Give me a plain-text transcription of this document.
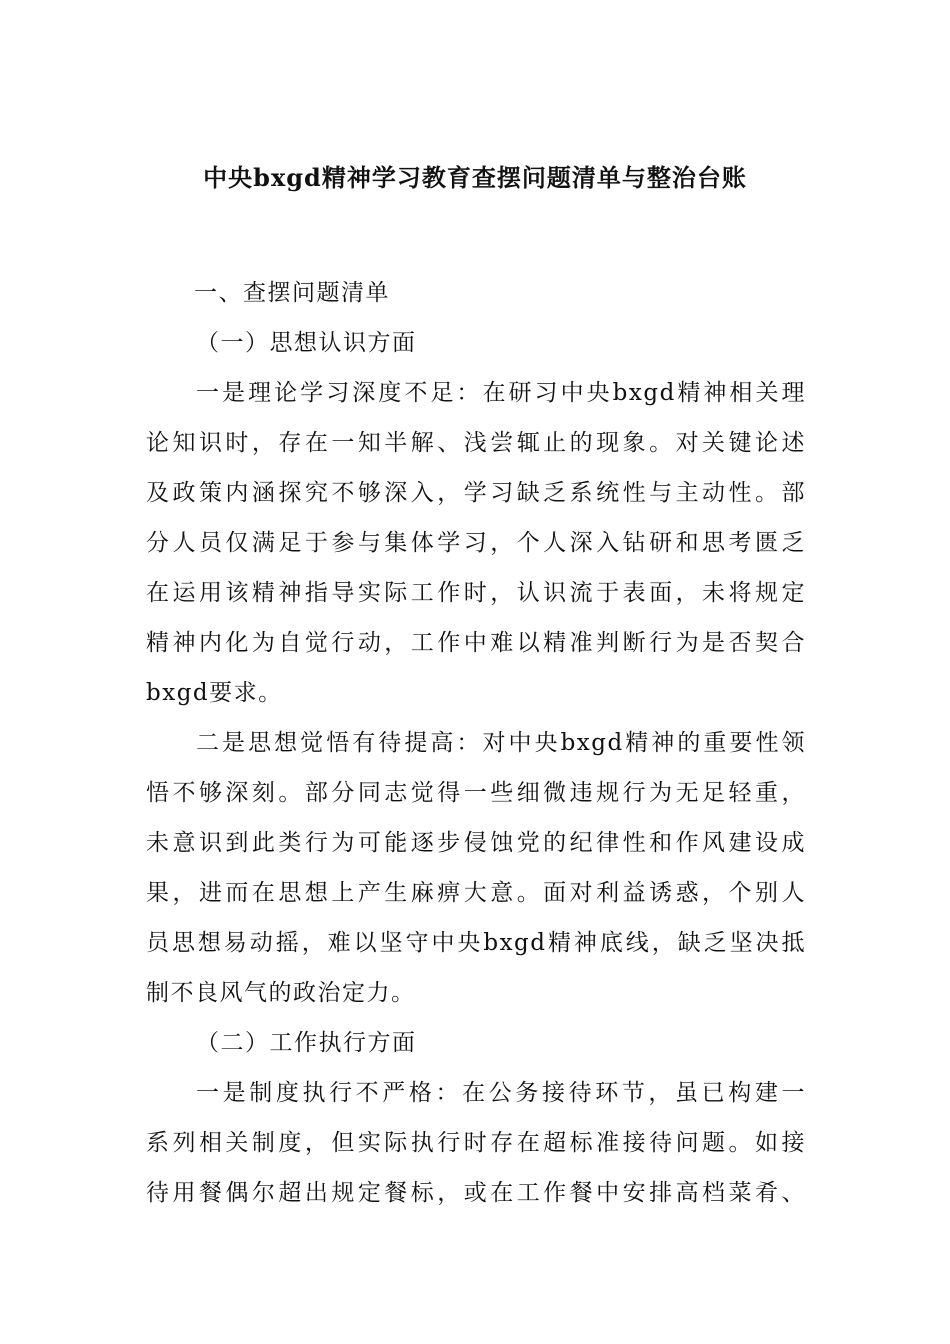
中央bxgd精神学习教育查摆问题清单与整治台账

一、查摆问题清单

（一）思想认识方面

一是理论学习深度不足：在研习中央bxgd精神相关理

论知识时，存在一知半解、浅尝辄止的现象。对关键论述

及政策内涵探究不够深入，学习缺乏系统性与主动性。部

分人员仅满足于参与集体学习，个人深入钻研和思考匮乏

在运用该精神指导实际工作时，认识流于表面，未将规定

精神内化为自觉行动，工作中难以精准判断行为是否契合

bxgd要求。

二是思想觉悟有待提高：对中央bxgd精神的重要性领

悟不够深刻。部分同志觉得一些细微违规行为无足轻重，

未意识到此类行为可能逐步侵蚀党的纪律性和作风建设成

果，进而在思想上产生麻痹大意。面对利益诱惑，个别人

员思想易动摇，难以坚守中央bxgd精神底线，缺乏坚决抵

制不良风气的政治定力。

（二）工作执行方面

一是制度执行不严格：在公务接待环节，虽已构建一

系列相关制度，但实际执行时存在超标准接待问题。如接

待用餐偶尔超出规定餐标，或在工作餐中安排高档菜肴、
